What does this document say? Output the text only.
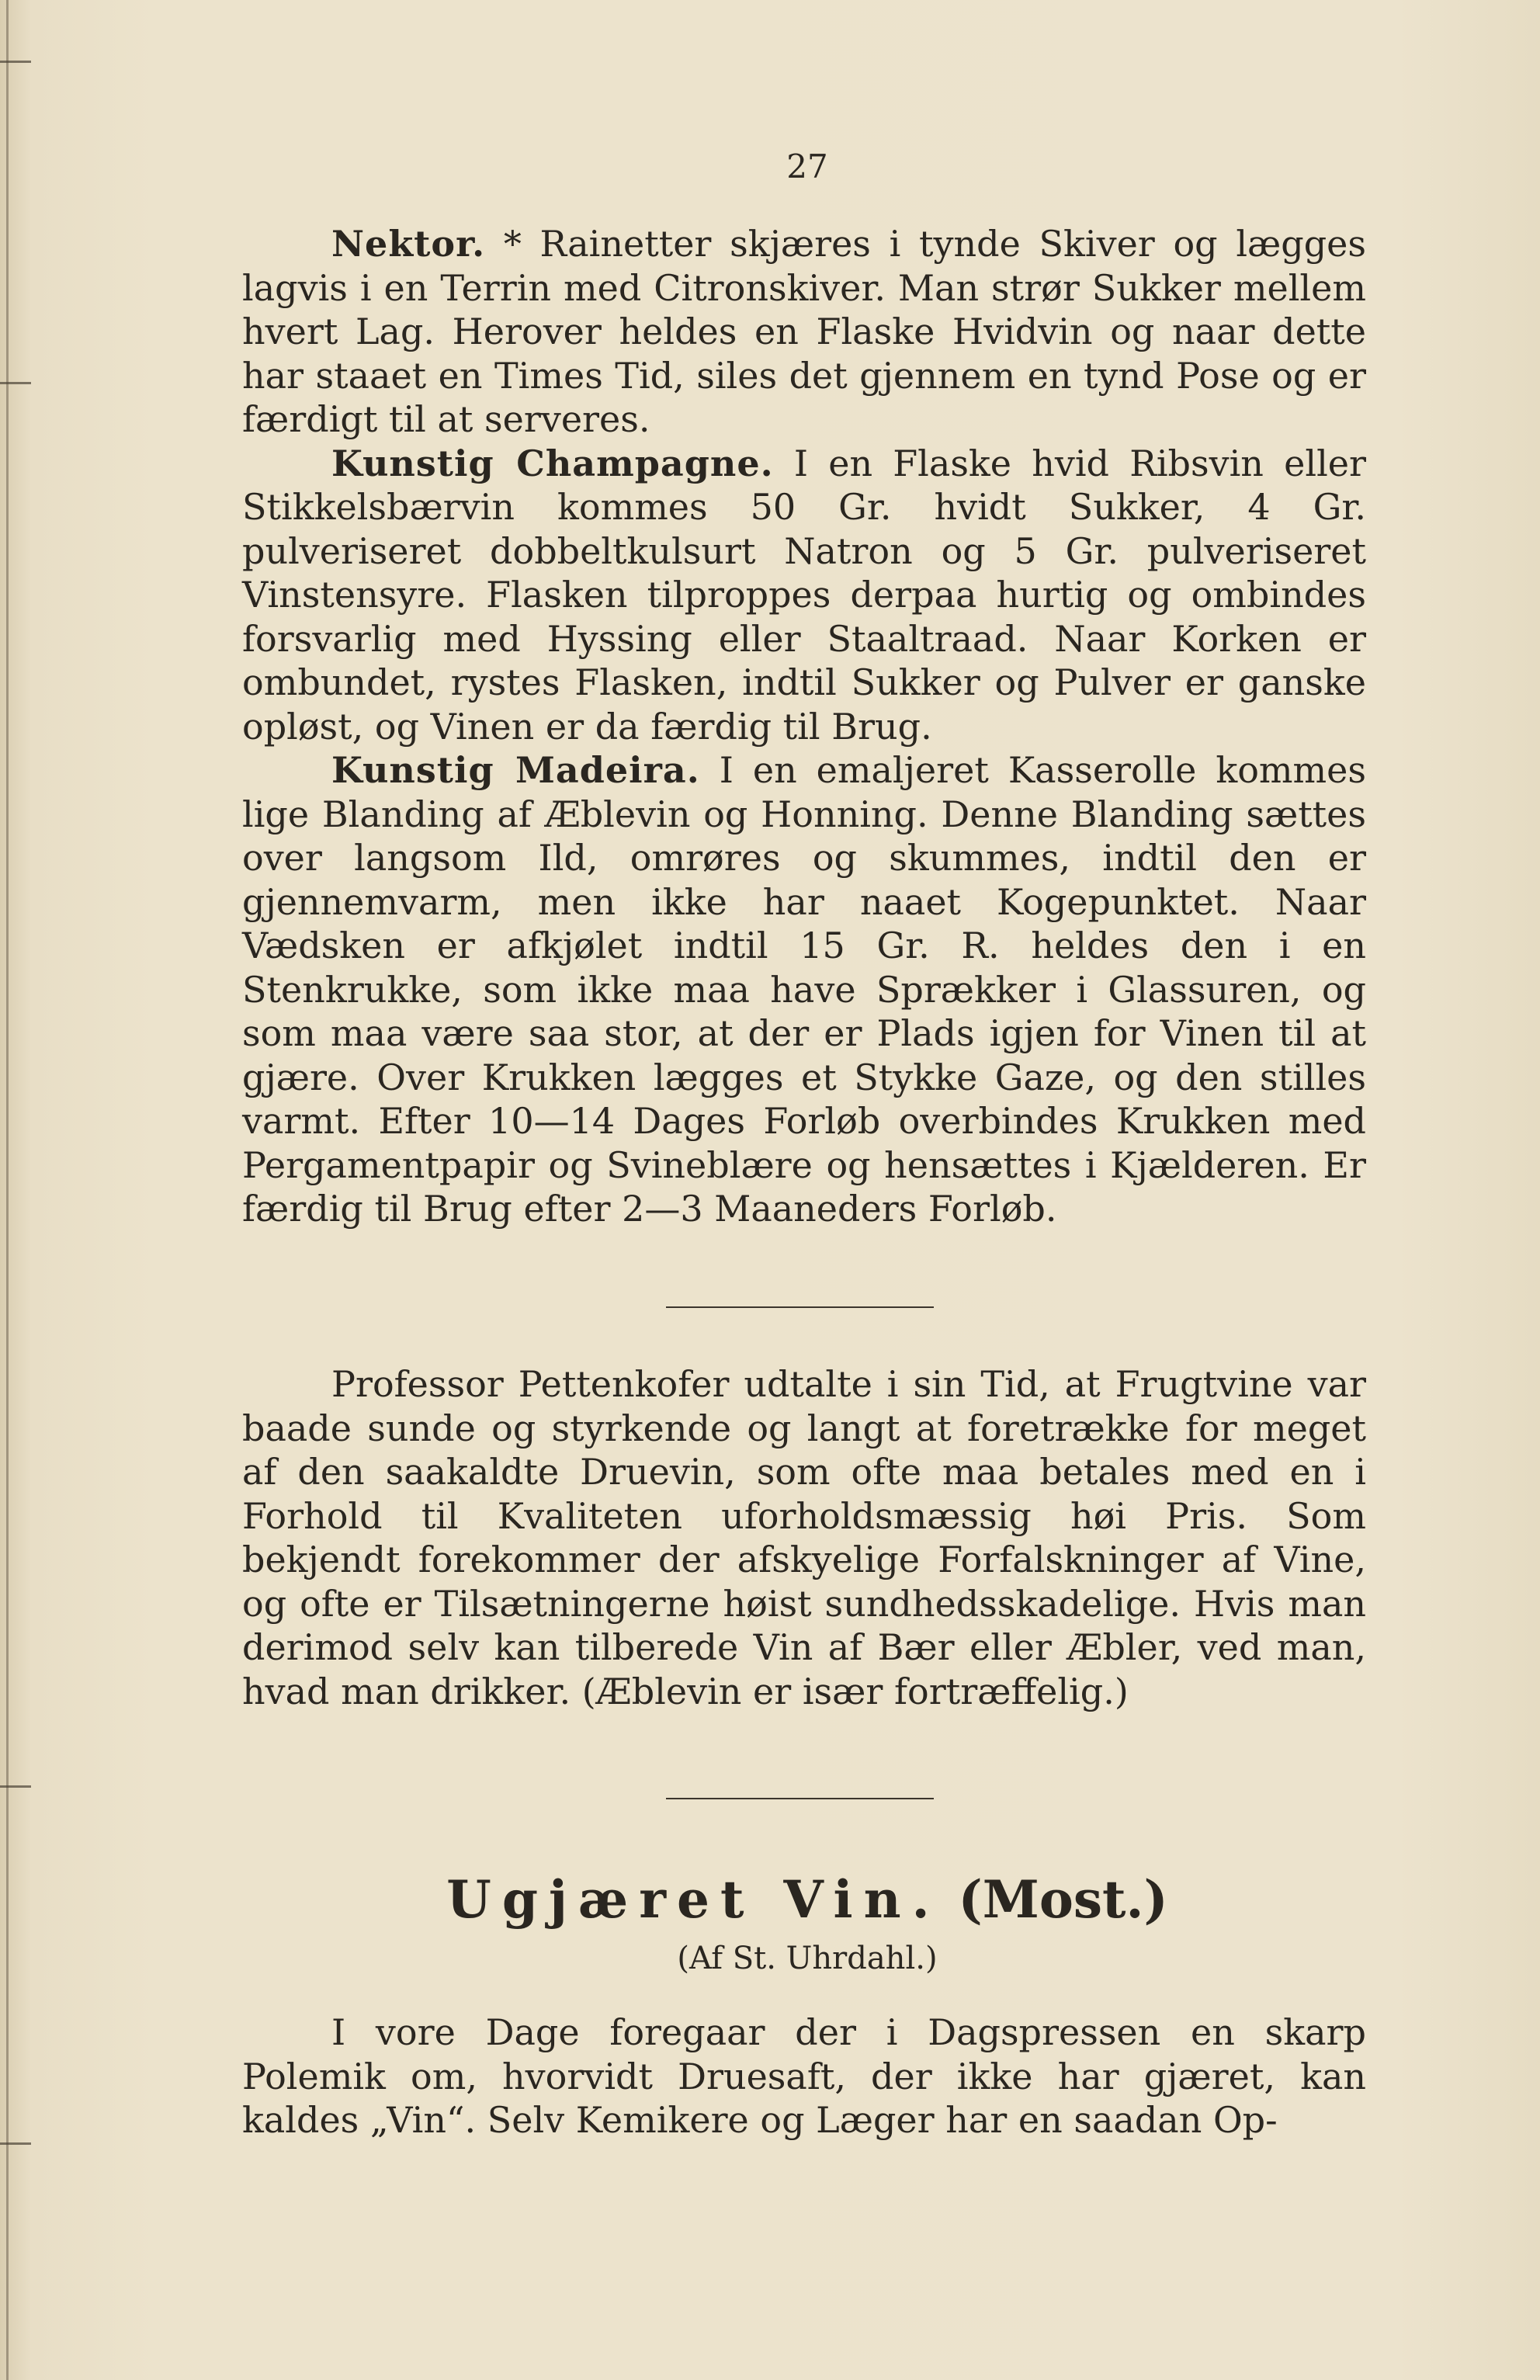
27

Nektor. * Rainetter skjæres i tynde Skiver og lægges lagvis i en Terrin med Citronskiver. Man strør Sukker mellem hvert Lag. Herover heldes en Flaske Hvidvin og naar dette har staaet en Times Tid, siles det gjennem en tynd Pose og er færdigt til at serveres.

Kunstig Champagne. I en Flaske hvid Ribsvin eller Stikkelsbærvin kommes 50 Gr. hvidt Sukker, 4 Gr. pulveriseret dobbeltkulsurt Natron og 5 Gr. pulveriseret Vinstensyre. Flasken tilproppes derpaa hurtig og ombindes forsvarlig med Hyssing eller Staaltraad. Naar Korken er ombundet, rystes Flasken, indtil Sukker og Pulver er ganske opløst, og Vinen er da færdig til Brug.

Kunstig Madeira. I en emaljeret Kasserolle kommes lige Blanding af Æblevin og Honning. Denne Blanding sættes over langsom Ild, omrøres og skummes, indtil den er gjennemvarm, men ikke har naaet Kogepunktet. Naar Vædsken er afkjølet indtil 15 Gr. R. heldes den i en Stenkrukke, som ikke maa have Sprækker i Glassuren, og som maa være saa stor, at der er Plads igjen for Vinen til at gjære. Over Krukken lægges et Stykke Gaze, og den stilles varmt. Efter 10—14 Dages Forløb overbindes Krukken med Pergamentpapir og Svineblære og hensættes i Kjælderen. Er færdig til Brug efter 2—3 Maaneders Forløb.

Professor Pettenkofer udtalte i sin Tid, at Frugtvine var baade sunde og styrkende og langt at foretrække for meget af den saakaldte Druevin, som ofte maa betales med en i Forhold til Kvaliteten uforholdsmæssig høi Pris. Som bekjendt forekommer der afskyelige Forfalskninger af Vine, og ofte er Tilsætningerne høist sundhedsskadelige. Hvis man derimod selv kan tilberede Vin af Bær eller Æbler, ved man, hvad man drikker. (Æblevin er især fortræffelig.)

Ugjæret Vin. (Most.)
(Af St. Uhrdahl.)

I vore Dage foregaar der i Dagspressen en skarp Polemik om, hvorvidt Druesaft, der ikke har gjæret, kan kaldes „Vin“. Selv Kemikere og Læger har en saadan Op-
